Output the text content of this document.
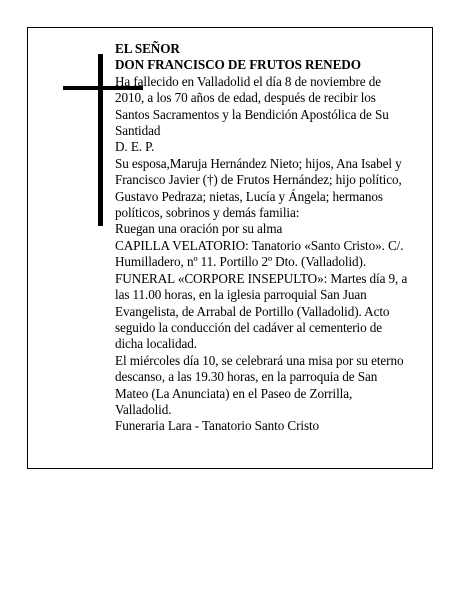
EL SEÑOR
DON FRANCISCO DE FRUTOS RENEDO
Ha fallecido en Valladolid el día 8 de noviembre de
2010, a los 70 años de edad, después de recibir los
Santos Sacramentos y la Bendición Apostólica de Su
Santidad
D. E. P.
Su esposa,Maruja Hernández Nieto; hijos, Ana Isabel y
Francisco Javier (†) de Frutos Hernández; hijo político,
Gustavo Pedraza; nietas, Lucía y Ángela; hermanos
políticos, sobrinos y demás familia:
Ruegan una oración por su alma
CAPILLA VELATORIO: Tanatorio «Santo Cristo». C/.
Humilladero, nº 11. Portillo 2º Dto. (Valladolid).
FUNERAL «CORPORE INSEPULTO»: Martes día 9, a
las 11.00 horas, en la iglesia parroquial San Juan
Evangelista, de Arrabal de Portillo (Valladolid). Acto
seguido la conducción del cadáver al cementerio de
dicha localidad.
El miércoles día 10, se celebrará una misa por su eterno
descanso, a las 19.30 horas, en la parroquia de San
Mateo (La Anunciata) en el Paseo de Zorrilla,
Valladolid.
Funeraria Lara - Tanatorio Santo Cristo
